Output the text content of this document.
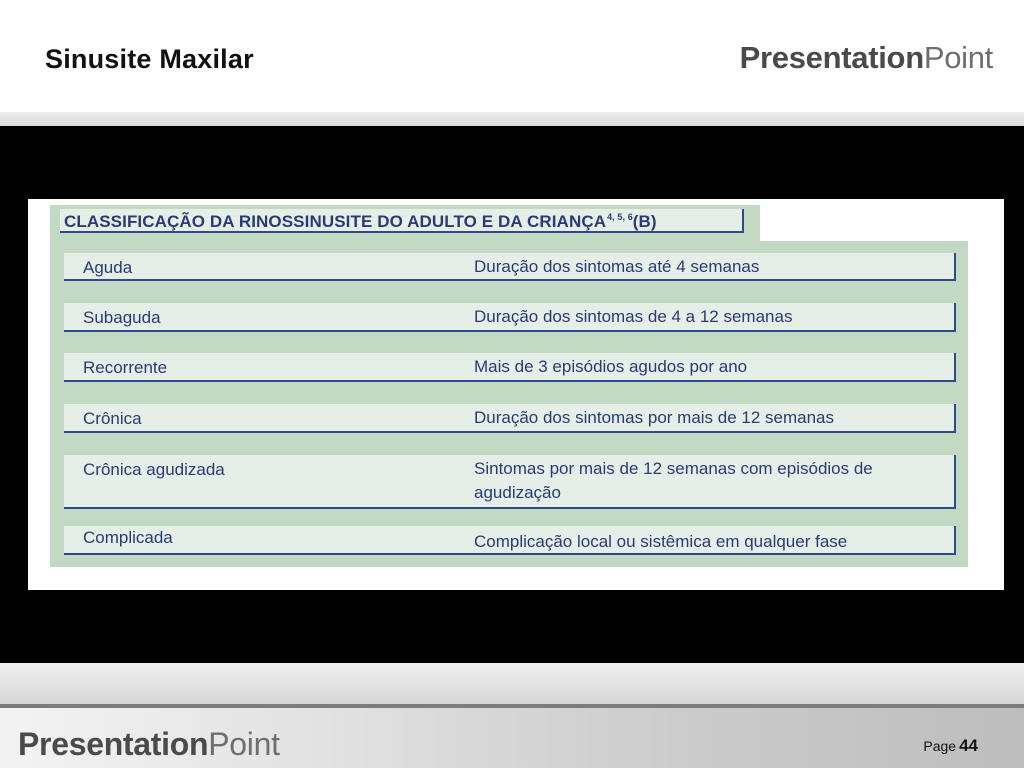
Sinusite Maxilar	PresentationPoint
CLASSIFICAÇÃO DA RINOSSINUSITE DO ADULTO E DA CRIANÇA$^{4, 5, 6}$(B)
Aguda	Duração dos sintomas até 4 semanas
Subaguda	Duração dos sintomas de 4 a 12 semanas
Recorrente	Mais de 3 episódios agudos por ano
Crônica	Duração dos sintomas por mais de 12 semanas
Crônica agudizada	Sintomas por mais de 12 semanas com episódios de agudização
Complicada	Complicação local ou sistêmica em qualquer fase
PresentationPoint	Page 44
